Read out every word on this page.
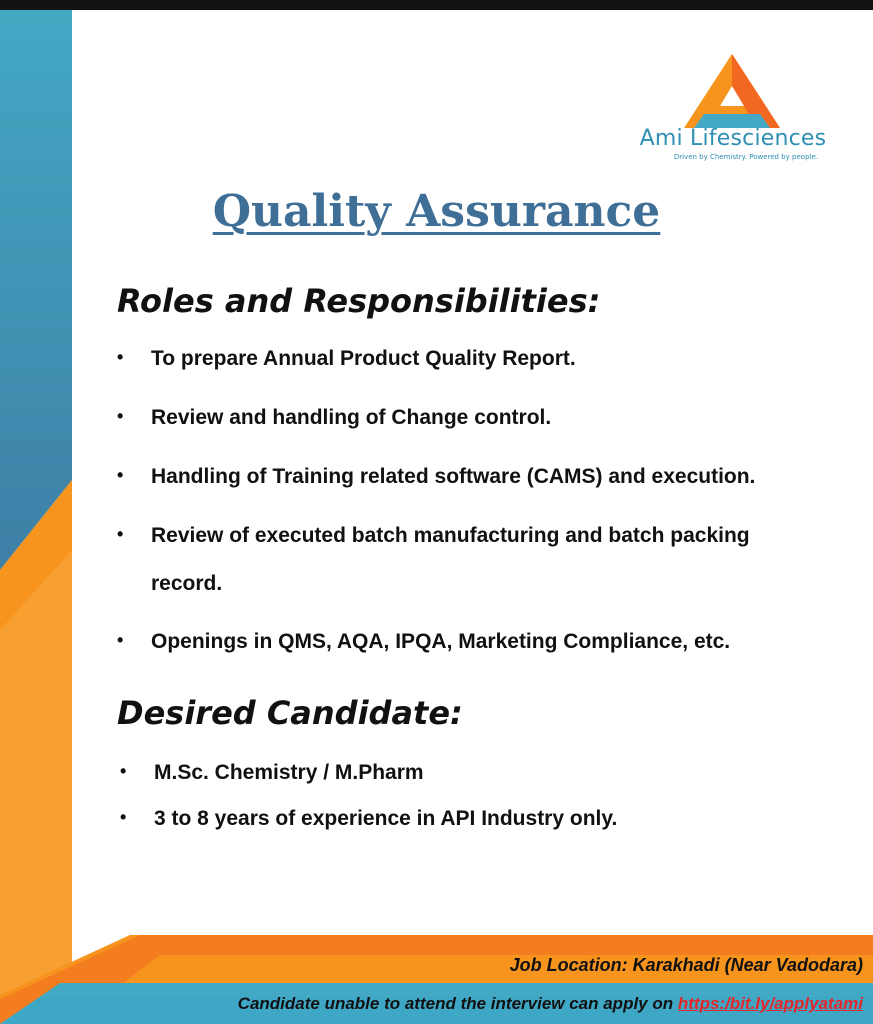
Ami Lifesciences
Driven by Chemistry. Powered by people.
Quality Assurance
Roles and Responsibilities:
• To prepare Annual Product Quality Report.
• Review and handling of Change control.
• Handling of Training related software (CAMS) and execution.
• Review of executed batch manufacturing and batch packing
record.
• Openings in QMS, AQA, IPQA, Marketing Compliance, etc.
Desired Candidate:
• M.Sc. Chemistry / M.Pharm
• 3 to 8 years of experience in API Industry only.
Job Location: Karakhadi (Near Vadodara)
Candidate unable to attend the interview can apply on https:/bit.ly/applyatami
